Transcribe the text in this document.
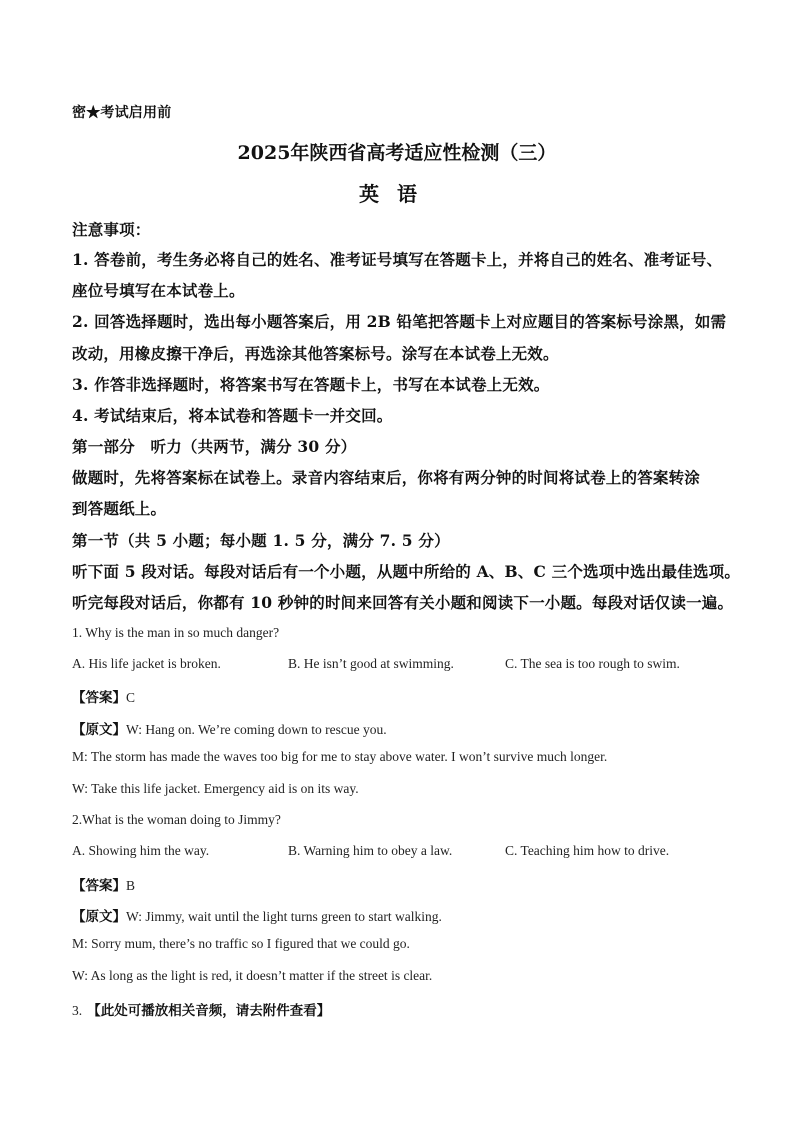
密★考试启用前
2025年陕西省高考适应性检测（三）
英语
注意事项：
1. 答卷前，考生务必将自己的姓名、准考证号填写在答题卡上，并将自己的姓名、准考证号、
座位号填写在本试卷上。
2. 回答选择题时，选出每小题答案后，用 2B 铅笔把答题卡上对应题目的答案标号涂黑，如需
改动，用橡皮擦干净后，再选涂其他答案标号。涂写在本试卷上无效。
3. 作答非选择题时，将答案书写在答题卡上，书写在本试卷上无效。
4. 考试结束后，将本试卷和答题卡一并交回。
第一部分　听力（共两节，满分 30 分）
做题时，先将答案标在试卷上。录音内容结束后，你将有两分钟的时间将试卷上的答案转涂
到答题纸上。
第一节（共 5 小题；每小题 1. 5 分，满分 7. 5 分）
听下面 5 段对话。每段对话后有一个小题，从题中所给的 A、B、C 三个选项中选出最佳选项。
听完每段对话后，你都有 10 秒钟的时间来回答有关小题和阅读下一小题。每段对话仅读一遍。
1. Why is the man in so much danger?
A. His life jacket is broken.	B. He isn’t good at swimming.	C. The sea is too rough to swim.
【答案】C
【原文】W: Hang on. We’re coming down to rescue you.
M: The storm has made the waves too big for me to stay above water. I won’t survive much longer.
W: Take this life jacket. Emergency aid is on its way.
2.What is the woman doing to Jimmy?
A. Showing him the way.	B. Warning him to obey a law.	C. Teaching him how to drive.
【答案】B
【原文】W: Jimmy, wait until the light turns green to start walking.
M: Sorry mum, there’s no traffic so I figured that we could go.
W: As long as the light is red, it doesn’t matter if the street is clear.
3. 【此处可播放相关音频，请去附件查看】
